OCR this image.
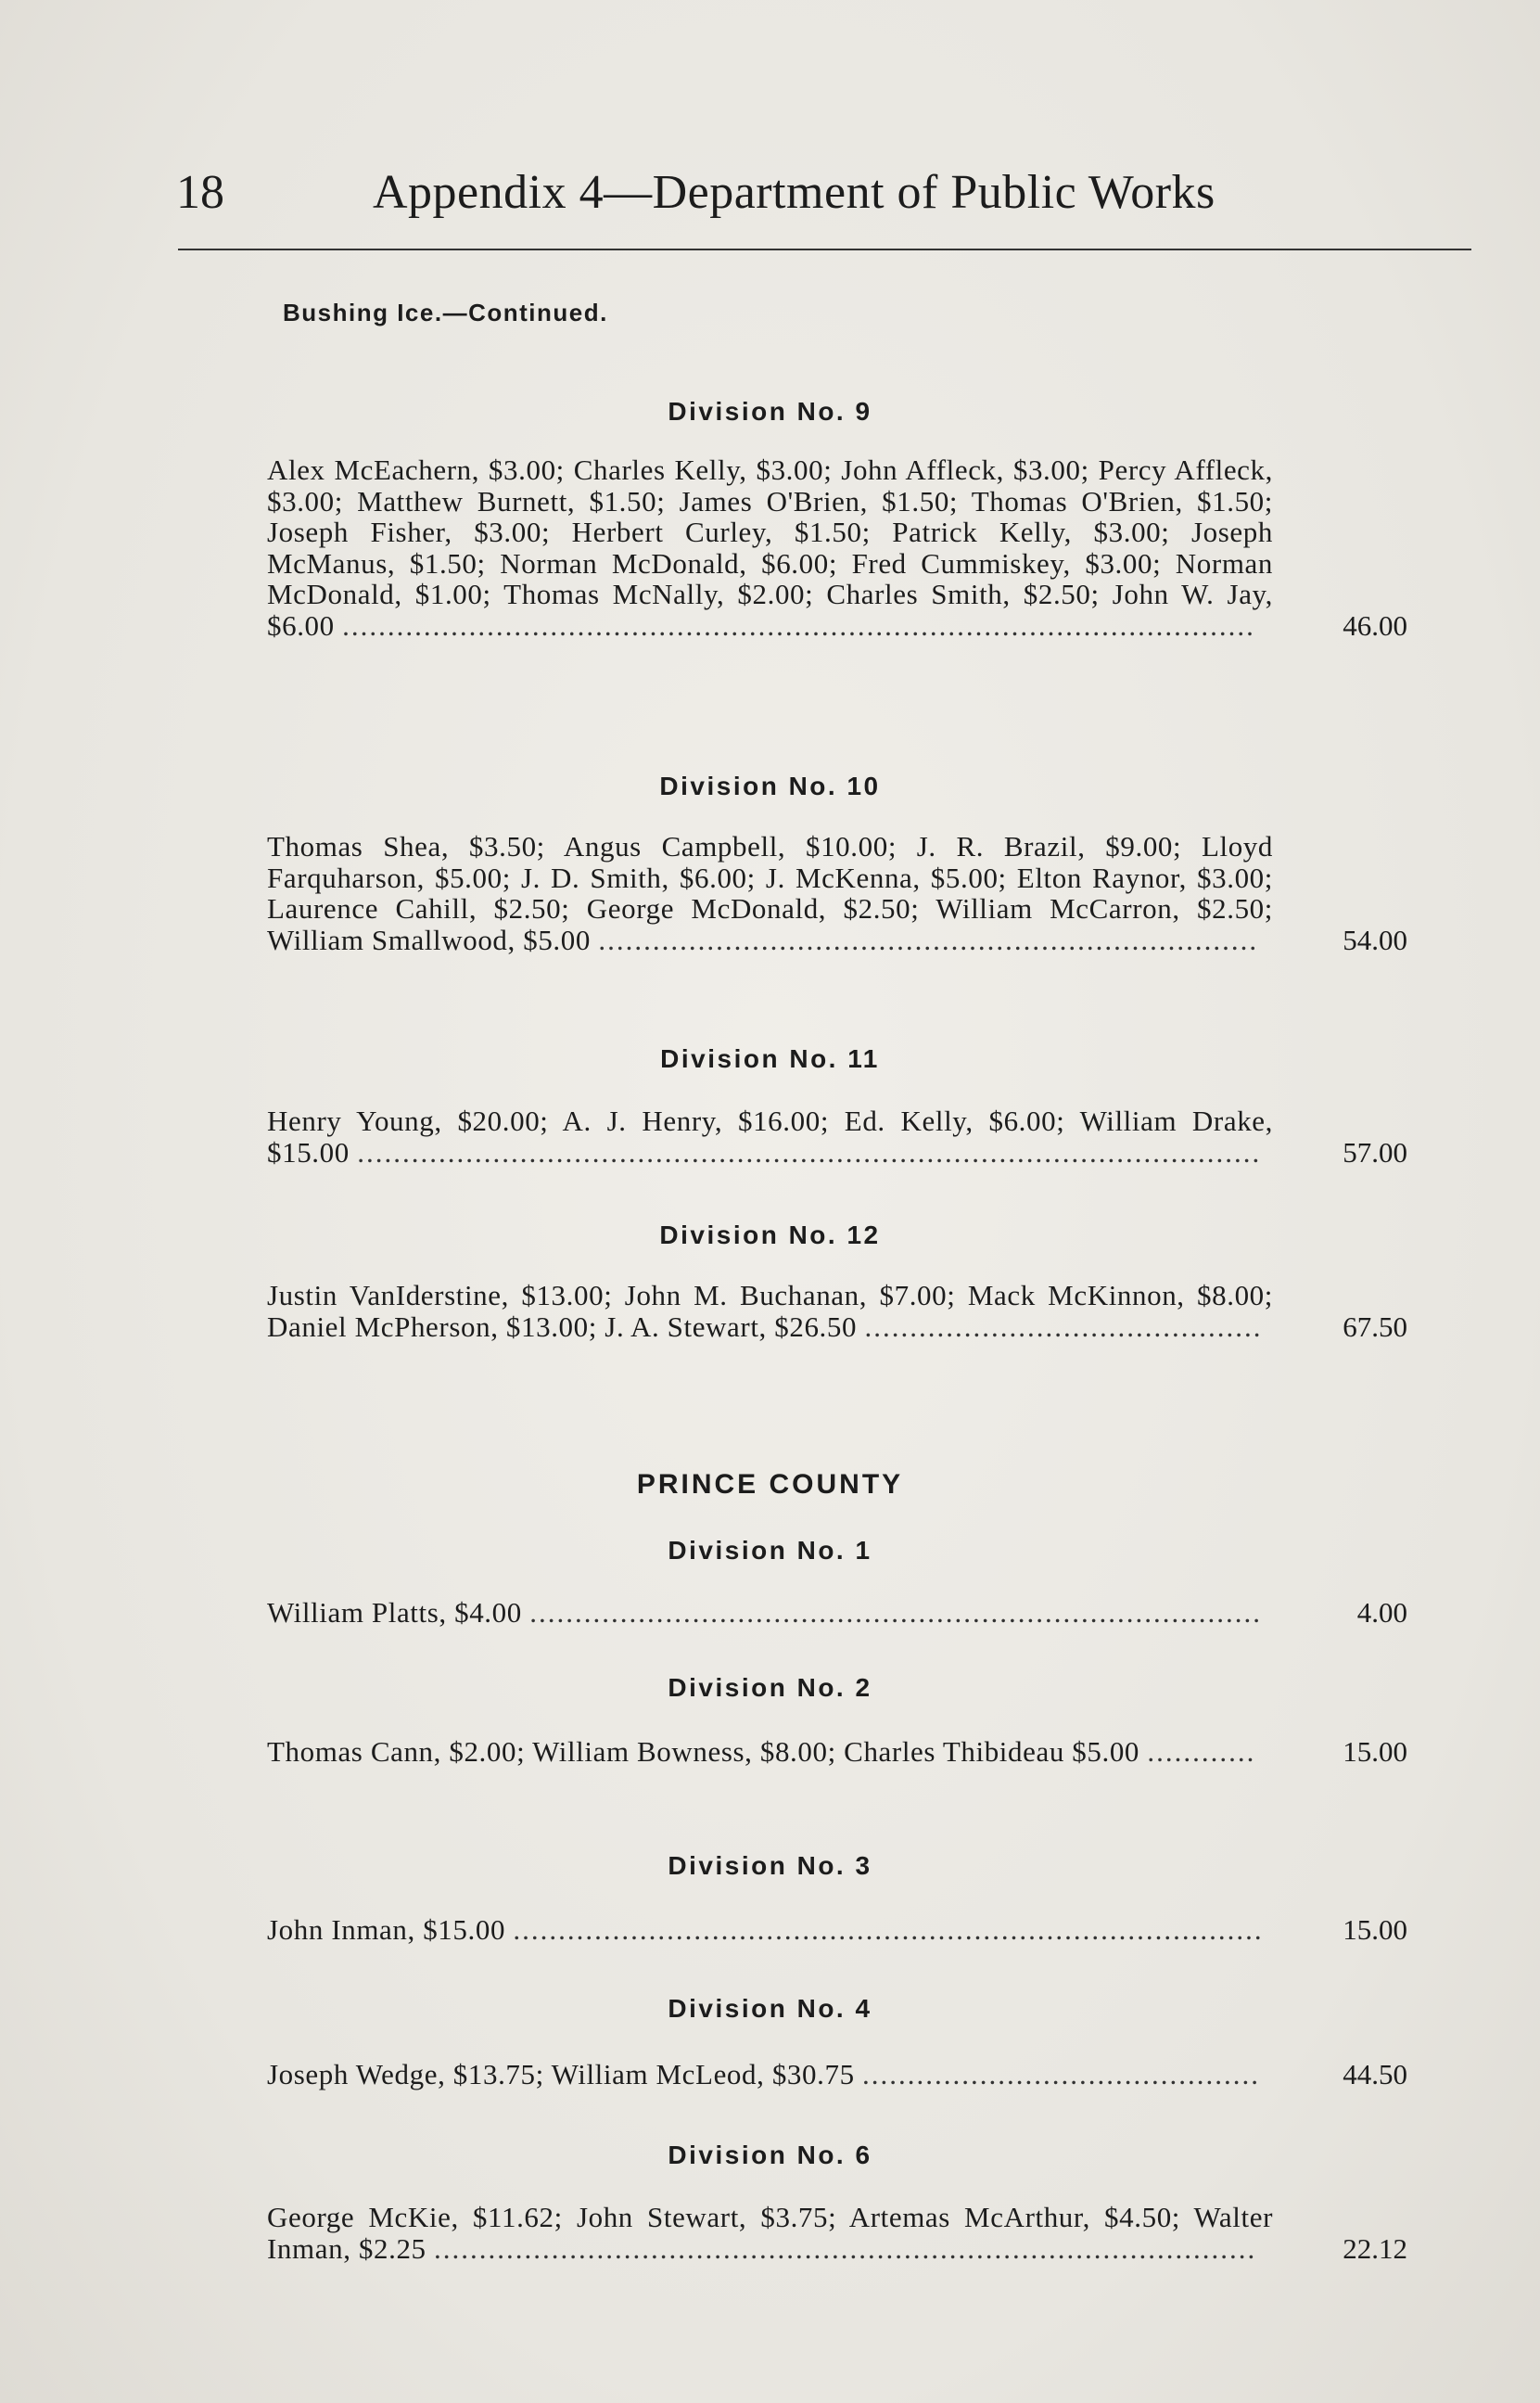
18	Appendix 4—Department of Public Works
Bushing Ice.—Continued.
Division No. 9
Alex McEachern, $3.00; Charles Kelly, $3.00; John Affleck, $3.00; Percy Affleck, $3.00; Matthew Burnett, $1.50; James O'Brien, $1.50; Thomas O'Brien, $1.50; Joseph Fisher, $3.00; Herbert Curley, $1.50; Patrick Kelly, $3.00; Joseph McManus, $1.50; Norman McDonald, $6.00; Fred Cummiskey, $3.00; Norman McDonald, $1.00; Thomas McNally, $2.00; Charles Smith, $2.50; John W. Jay, $6.00 .....................................................................................................	46.00
Division No. 10
Thomas Shea, $3.50; Angus Campbell, $10.00; J. R. Brazil, $9.00; Lloyd Farquharson, $5.00; J. D. Smith, $6.00; J. McKenna, $5.00; Elton Raynor, $3.00; Laurence Cahill, $2.50; George McDonald, $2.50; William McCarron, $2.50; William Smallwood, $5.00 .........................................................................	54.00
Division No. 11
Henry Young, $20.00; A. J. Henry, $16.00; Ed. Kelly, $6.00; William Drake, $15.00 ....................................................................................................	57.00
Division No. 12
Justin VanIderstine, $13.00; John M. Buchanan, $7.00; Mack McKinnon, $8.00; Daniel McPherson, $13.00; J. A. Stewart, $26.50 ............................................	67.50
PRINCE COUNTY
Division No. 1
William Platts, $4.00 .................................................................................	4.00
Division No. 2
Thomas Cann, $2.00; William Bowness, $8.00; Charles Thibideau $5.00 ............	15.00
Division No. 3
John Inman, $15.00 ...................................................................................	15.00
Division No. 4
Joseph Wedge, $13.75; William McLeod, $30.75 ............................................	44.50
Division No. 6
George McKie, $11.62; John Stewart, $3.75; Artemas McArthur, $4.50; Walter Inman, $2.25 ...........................................................................................	22.12
